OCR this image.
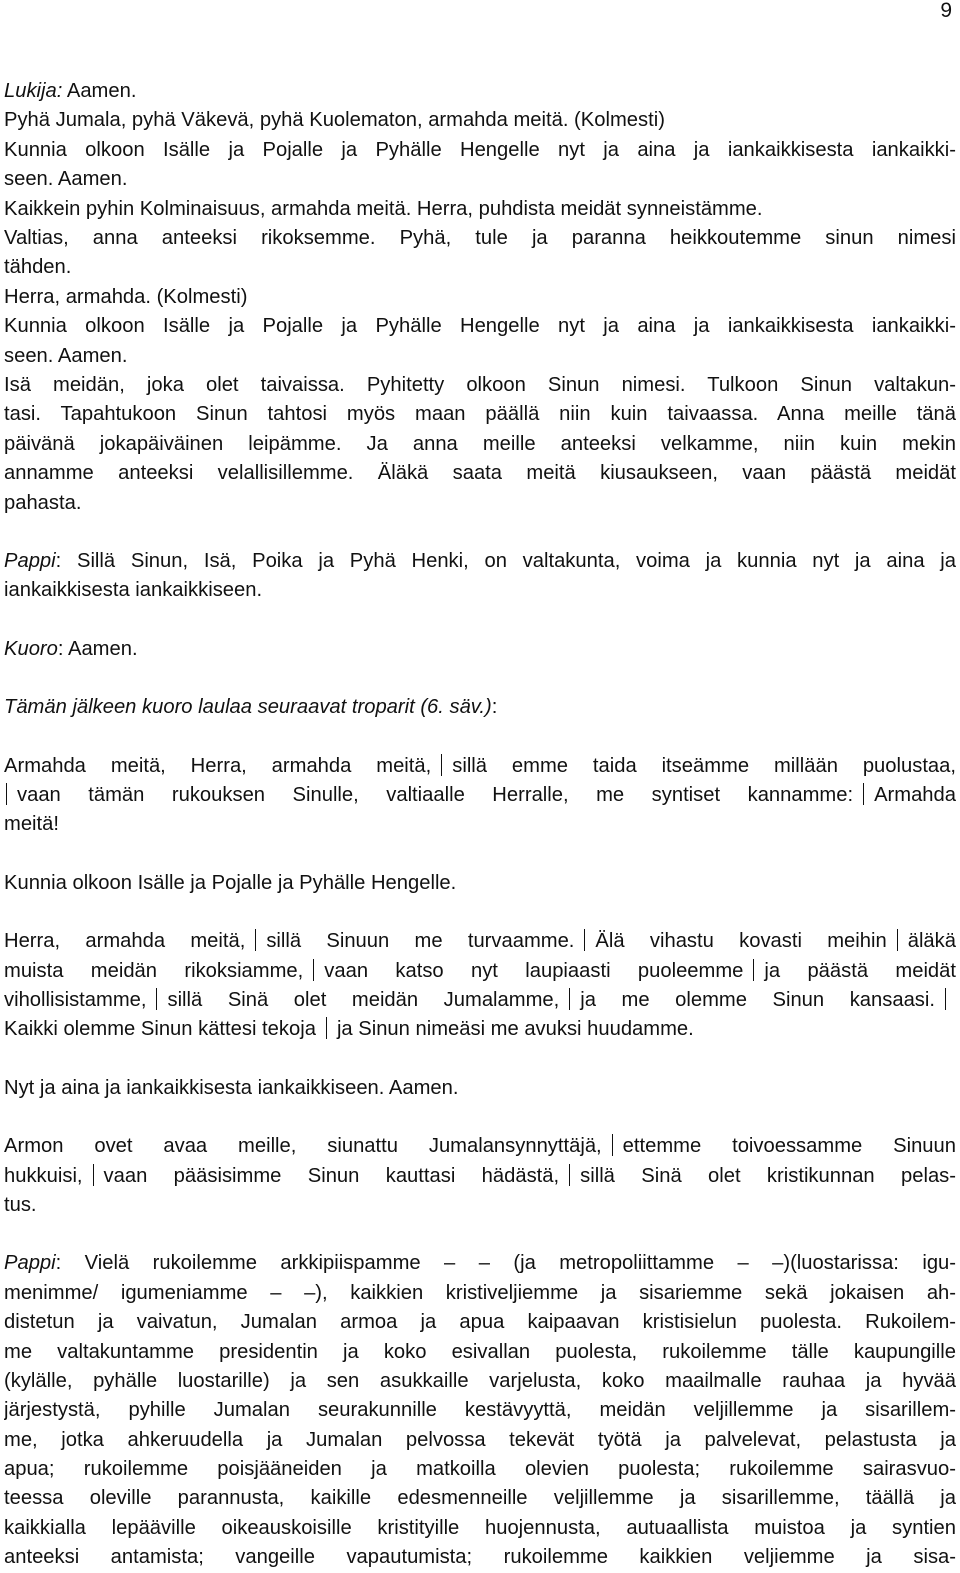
9
Lukija: Aamen.
Pyhä Jumala, pyhä Väkevä, pyhä Kuolematon, armahda meitä. (Kolmesti)
Kunnia olkoon Isälle ja Pojalle ja Pyhälle Hengelle nyt ja aina ja iankaikkisesta iankaikki-
seen. Aamen.
Kaikkein pyhin Kolminaisuus, armahda meitä. Herra, puhdista meidät synneistämme.
Valtias, anna anteeksi rikoksemme. Pyhä, tule ja paranna heikkoutemme sinun nimesi
tähden.
Herra, armahda. (Kolmesti)
Kunnia olkoon Isälle ja Pojalle ja Pyhälle Hengelle nyt ja aina ja iankaikkisesta iankaikki-
seen. Aamen.
Isä meidän, joka olet taivaissa. Pyhitetty olkoon Sinun nimesi. Tulkoon Sinun valtakun-
tasi. Tapahtukoon Sinun tahtosi myös maan päällä niin kuin taivaassa. Anna meille tänä
päivänä jokapäiväinen leipämme. Ja anna meille anteeksi velkamme, niin kuin mekin
annamme anteeksi velallisillemme. Äläkä saata meitä kiusaukseen, vaan päästä meidät
pahasta.
Pappi: Sillä Sinun, Isä, Poika ja Pyhä Henki, on valtakunta, voima ja kunnia nyt ja aina ja
iankaikkisesta iankaikkiseen.
Kuoro: Aamen.
Tämän jälkeen kuoro laulaa seuraavat troparit (6. säv.):
Armahda meitä, Herra, armahda meitä, sillä emme taida itseämme millään puolustaa,
vaan tämän rukouksen Sinulle, valtiaalle Herralle, me syntiset kannamme: Armahda
meitä!
Kunnia olkoon Isälle ja Pojalle ja Pyhälle Hengelle.
Herra, armahda meitä, sillä Sinuun me turvaamme. Älä vihastu kovasti meihin äläkä
muista meidän rikoksiamme, vaan katso nyt laupiaasti puoleemme ja päästä meidät
vihollisistamme, sillä Sinä olet meidän Jumalamme, ja me olemme Sinun kansaasi.
Kaikki olemme Sinun kättesi tekoja ja Sinun nimeäsi me avuksi huudamme.
Nyt ja aina ja iankaikkisesta iankaikkiseen. Aamen.
Armon ovet avaa meille, siunattu Jumalansynnyttäjä, ettemme toivoessamme Sinuun
hukkuisi, vaan pääsisimme Sinun kauttasi hädästä, sillä Sinä olet kristikunnan pelas-
tus.
Pappi: Vielä rukoilemme arkkipiispamme – – (ja metropoliittamme – –)(luostarissa: igu-
menimme/ igumeniamme – –), kaikkien kristiveljiemme ja sisariemme sekä jokaisen ah-
distetun ja vaivatun, Jumalan armoa ja apua kaipaavan kristisielun puolesta. Rukoilem-
me valtakuntamme presidentin ja koko esivallan puolesta, rukoilemme tälle kaupungille
(kylälle, pyhälle luostarille) ja sen asukkaille varjelusta, koko maailmalle rauhaa ja hyvää
järjestystä, pyhille Jumalan seurakunnille kestävyyttä, meidän veljillemme ja sisarillem-
me, jotka ahkeruudella ja Jumalan pelvossa tekevät työtä ja palvelevat, pelastusta ja
apua; rukoilemme poisjääneiden ja matkoilla olevien puolesta; rukoilemme sairasvuo-
teessa oleville parannusta, kaikille edesmenneille veljillemme ja sisarillemme, täällä ja
kaikkialla lepääville oikeauskoisille kristityille huojennusta, autuaallista muistoa ja syntien
anteeksi antamista; vangeille vapautumista; rukoilemme kaikkien veljiemme ja sisa-
